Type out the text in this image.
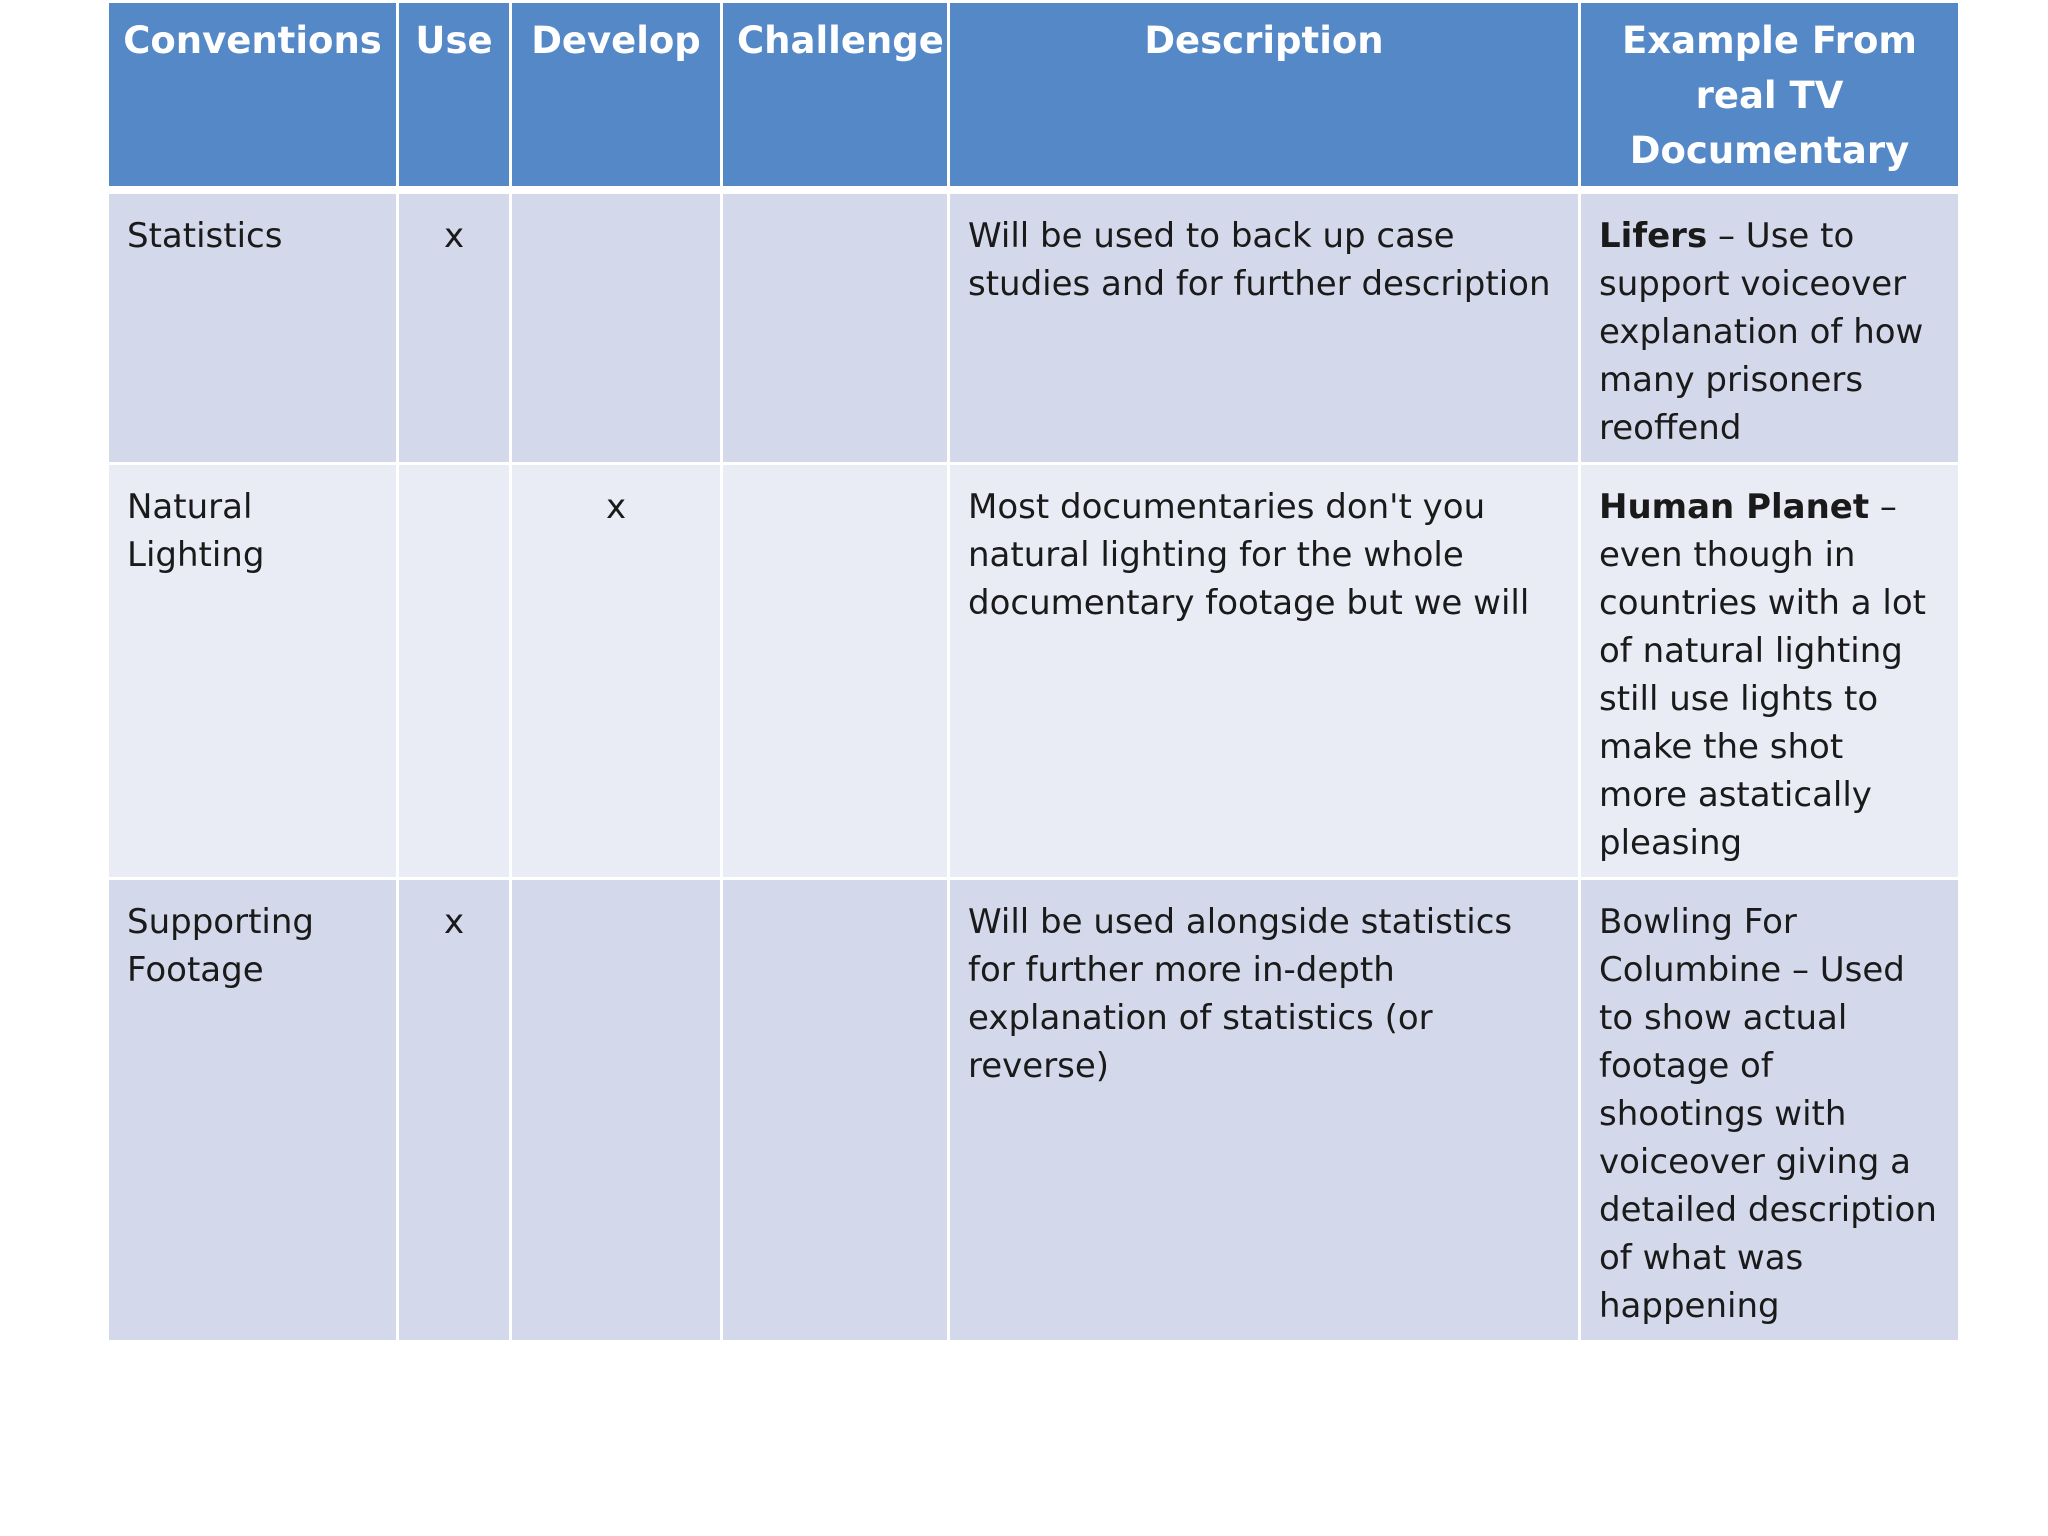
Conventions	Use	Develop	Challenge	Description	Example From real TV Documentary
Statistics	x			Will be used to back up case studies and for further description	Lifers – Use to support voiceover explanation of how many prisoners reoffend
Natural Lighting		x		Most documentaries don't you natural lighting for the whole documentary footage but we will	Human Planet – even though in countries with a lot of natural lighting still use lights to make the shot more astatically pleasing
Supporting Footage	x			Will be used alongside statistics for further more in-depth explanation of statistics (or reverse)	Bowling For Columbine – Used to show actual footage of shootings with voiceover giving a detailed description of what was happening
